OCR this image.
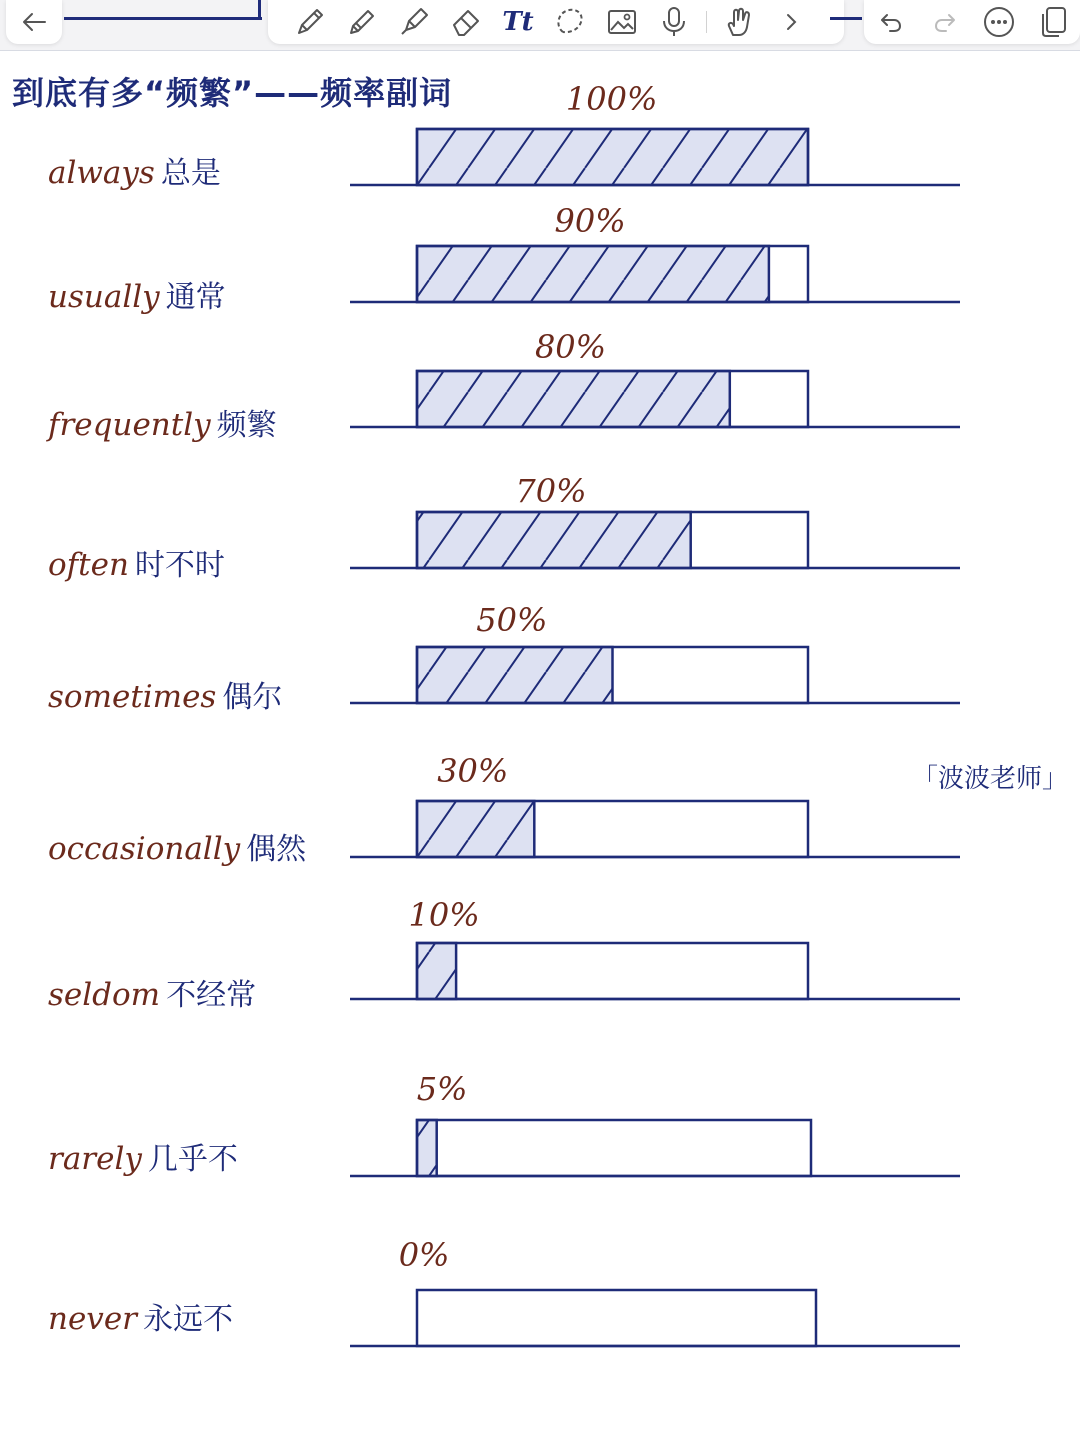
Tt
到底有多“频繁”——频率副词
「波波老师」
100%
always 总是
90%
usually 通常
80%
frequently 频繁
70%
often 时不时
50%
sometimes 偶尔
30%
occasionally 偶然
10%
seldom 不经常
5%
rarely 几乎不
0%
never 永远不
